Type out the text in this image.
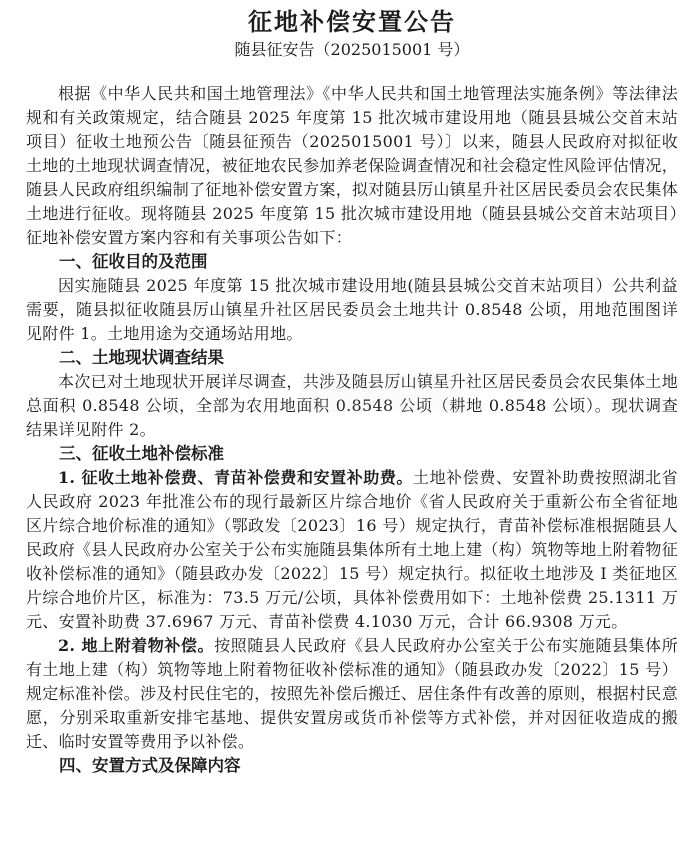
征地补偿安置公告
随县征安告（2025015001 号）

根据《中华人民共和国土地管理法》《中华人民共和国土地管理法实施条例》等法律法规和有关政策规定，结合随县 2025 年度第 15 批次城市建设用地（随县县城公交首末站项目）征收土地预公告〔随县征预告（2025015001 号）〕以来，随县人民政府对拟征收土地的土地现状调查情况，被征地农民参加养老保险调查情况和社会稳定性风险评估情况，随县人民政府组织编制了征地补偿安置方案，拟对随县厉山镇星升社区居民委员会农民集体土地进行征收。现将随县 2025 年度第 15 批次城市建设用地（随县县城公交首末站项目）征地补偿安置方案内容和有关事项公告如下：

一、征收目的及范围

因实施随县 2025 年度第 15 批次城市建设用地(随县县城公交首末站项目）公共利益需要，随县拟征收随县厉山镇星升社区居民委员会土地共计 0.8548 公顷，用地范围图详见附件 1。土地用途为交通场站用地。

二、土地现状调查结果

本次已对土地现状开展详尽调查，共涉及随县厉山镇星升社区居民委员会农民集体土地总面积 0.8548 公顷，全部为农用地面积 0.8548 公顷（耕地 0.8548 公顷）。现状调查结果详见附件 2。

三、征收土地补偿标准

1. 征收土地补偿费、青苗补偿费和安置补助费。土地补偿费、安置补助费按照湖北省人民政府 2023 年批准公布的现行最新区片综合地价《省人民政府关于重新公布全省征地区片综合地价标准的通知》（鄂政发〔2023〕16 号）规定执行，青苗补偿标准根据随县人民政府《县人民政府办公室关于公布实施随县集体所有土地上建（构）筑物等地上附着物征收补偿标准的通知》（随县政办发〔2022〕15 号）规定执行。拟征收土地涉及 I 类征地区片综合地价片区，标准为：73.5 万元/公顷，具体补偿费用如下：土地补偿费 25.1311 万元、安置补助费 37.6967 万元、青苗补偿费 4.1030 万元，合计 66.9308 万元。

2. 地上附着物补偿。按照随县人民政府《县人民政府办公室关于公布实施随县集体所有土地上建（构）筑物等地上附着物征收补偿标准的通知》（随县政办发〔2022〕15 号）规定标准补偿。涉及村民住宅的，按照先补偿后搬迁、居住条件有改善的原则，根据村民意愿，分别采取重新安排宅基地、提供安置房或货币补偿等方式补偿，并对因征收造成的搬迁、临时安置等费用予以补偿。

四、安置方式及保障内容
